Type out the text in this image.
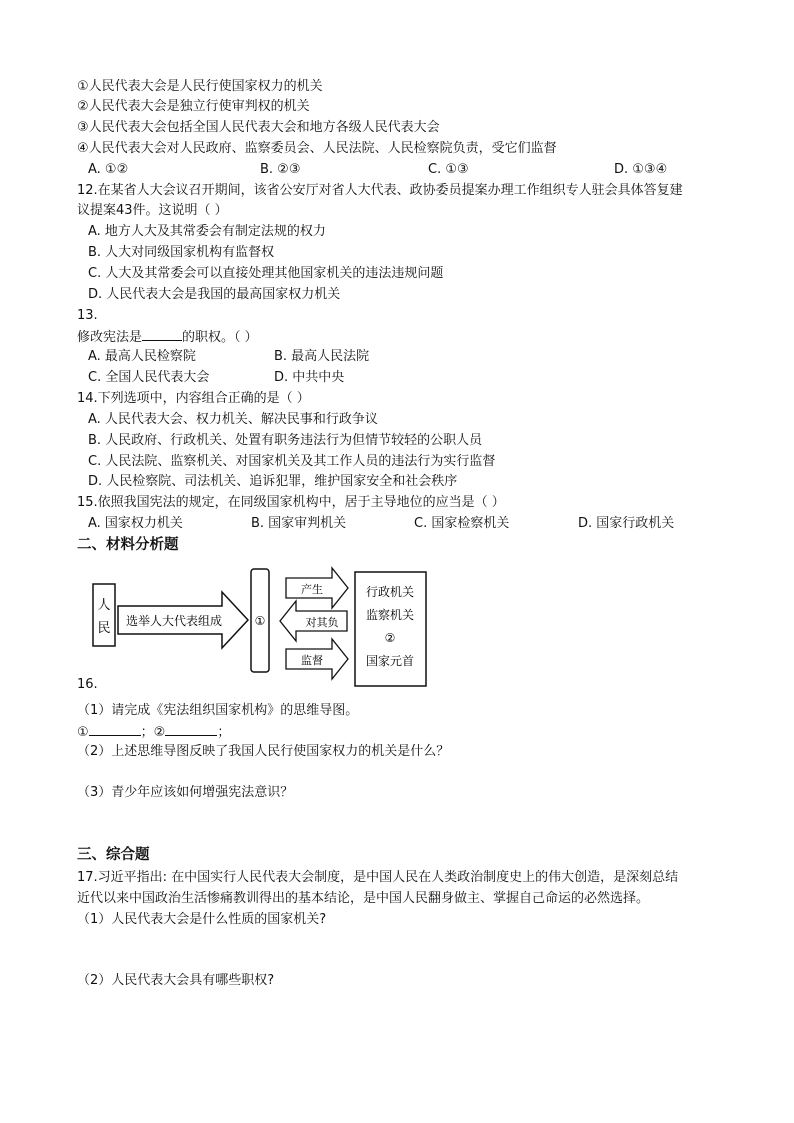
①人民代表大会是人民行使国家权力的机关
②人民代表大会是独立行使审判权的机关
③人民代表大会包括全国人民代表大会和地方各级人民代表大会
④人民代表大会对人民政府、监察委员会、人民法院、人民检察院负责，受它们监督
A. ①②	B. ②③	C. ①③	D. ①③④
12.在某省人大会议召开期间，该省公安厅对省人大代表、政协委员提案办理工作组织专人驻会具体答复建
议提案43件。这说明（ ）
A. 地方人大及其常委会有制定法规的权力
B. 人大对同级国家机构有监督权
C. 人大及其常委会可以直接处理其他国家机关的违法违规问题
D. 人民代表大会是我国的最高国家权力机关
13.
修改宪法是	的职权。（ ）
A. 最高人民检察院	B. 最高人民法院
C. 全国人民代表大会	D. 中共中央
14.下列选项中，内容组合正确的是（ ）
A. 人民代表大会、权力机关、解决民事和行政争议
B. 人民政府、行政机关、处置有职务违法行为但情节较轻的公职人员
C. 人民法院、监察机关、对国家机关及其工作人员的违法行为实行监督
D. 人民检察院、司法机关、追诉犯罪，维护国家安全和社会秩序
15.依照我国宪法的规定，在同级国家机构中，居于主导地位的应当是（ ）
A. 国家权力机关	B. 国家审判机关	C. 国家检察机关	D. 国家行政机关
二、材料分析题
人
民 选举人大代表组成	①
产生
对其负
监督
行政机关
监察机关
②
国家元首
16.
（1）请完成《宪法组织国家机构》的思维导图。
①	；②	；
（2）上述思维导图反映了我国人民行使国家权力的机关是什么？
（3）青少年应该如何增强宪法意识？
三、综合题
17.习近平指出: 在中国实行人民代表大会制度，是中国人民在人类政治制度史上的伟大创造，是深刻总结
近代以来中国政治生活惨痛教训得出的基本结论，是中国人民翻身做主、掌握自己命运的必然选择。
（1）人民代表大会是什么性质的国家机关?
（2）人民代表大会具有哪些职权?
